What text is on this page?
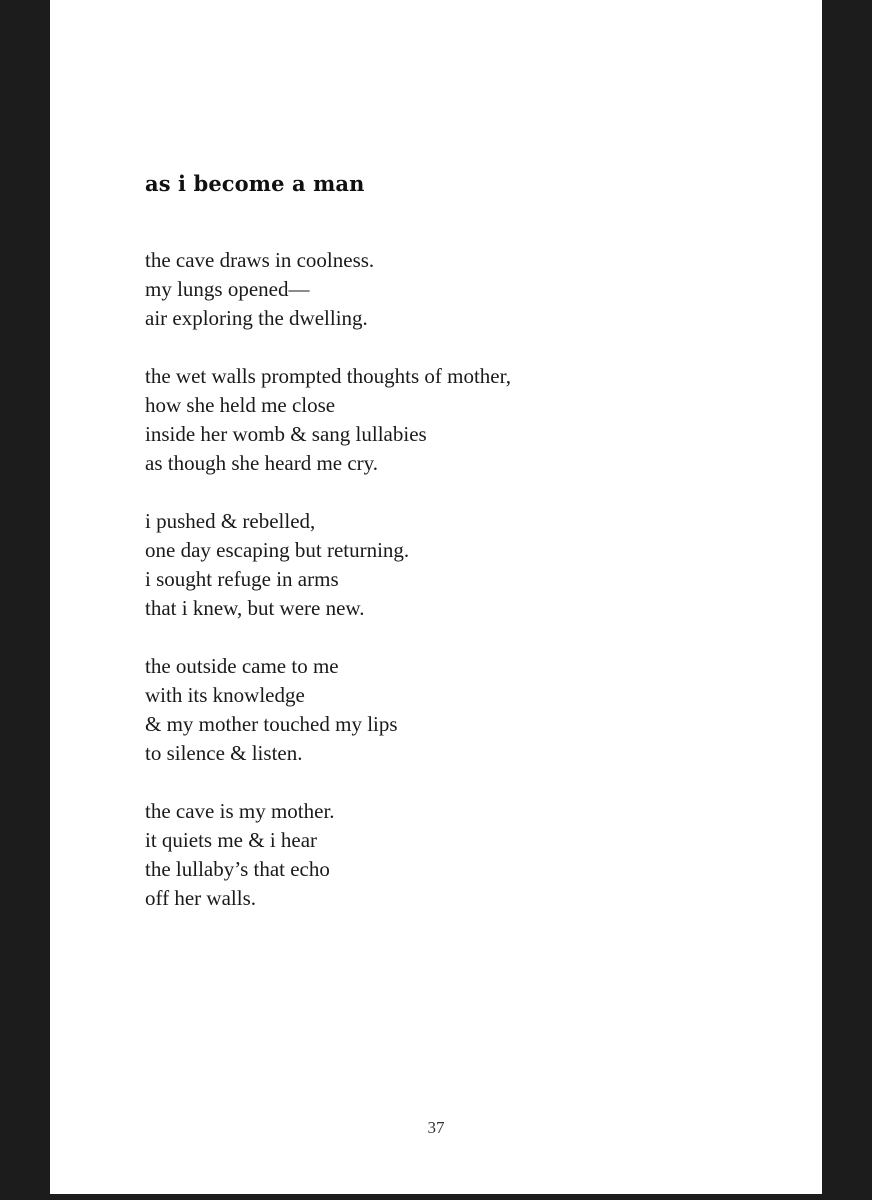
as i become a man

the cave draws in coolness.
my lungs opened—
air exploring the dwelling.

the wet walls prompted thoughts of mother,
how she held me close
inside her womb & sang lullabies
as though she heard me cry.

i pushed & rebelled,
one day escaping but returning.
i sought refuge in arms
that i knew, but were new.

the outside came to me
with its knowledge
& my mother touched my lips
to silence & listen.

the cave is my mother.
it quiets me & i hear
the lullaby’s that echo
off her walls.

37
